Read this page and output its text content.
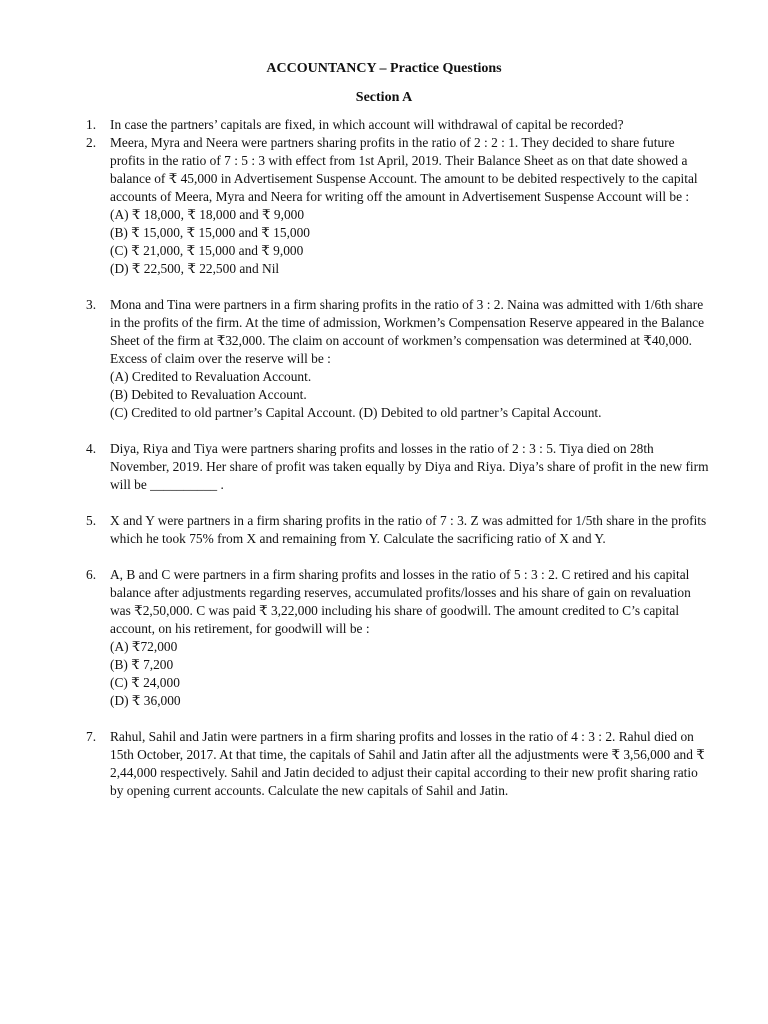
ACCOUNTANCY – Practice Questions
Section A
1.	In case the partners’ capitals are fixed, in which account will withdrawal of capital be recorded?
2.	Meera, Myra and Neera were partners sharing profits in the ratio of 2 : 2 : 1. They decided to share future profits in the ratio of 7 : 5 : 3 with effect from 1st April, 2019. Their Balance Sheet as on that date showed a balance of ₹ 45,000 in Advertisement Suspense Account. The amount to be debited respectively to the capital accounts of Meera, Myra and Neera for writing off the amount in Advertisement Suspense Account will be :
(A) ₹ 18,000, ₹ 18,000 and ₹ 9,000
(B) ₹ 15,000, ₹ 15,000 and ₹ 15,000
(C) ₹ 21,000, ₹ 15,000 and ₹ 9,000
(D) ₹ 22,500, ₹ 22,500 and Nil
3.	Mona and Tina were partners in a firm sharing profits in the ratio of 3 : 2. Naina was admitted with 1/6th share in the profits of the firm. At the time of admission, Workmen’s Compensation Reserve appeared in the Balance Sheet of the firm at ₹32,000. The claim on account of workmen’s compensation was determined at ₹40,000. Excess of claim over the reserve will be :
(A) Credited to Revaluation Account.
(B) Debited to Revaluation Account.
(C) Credited to old partner’s Capital Account. (D) Debited to old partner’s Capital Account.
4.	Diya, Riya and Tiya were partners sharing profits and losses in the ratio of 2 : 3 : 5. Tiya died on 28th November, 2019. Her share of profit was taken equally by Diya and Riya. Diya’s share of profit in the new firm will be __________ .
5.	X and Y were partners in a firm sharing profits in the ratio of 7 : 3. Z was admitted for 1/5th share in the profits which he took 75% from X and remaining from Y. Calculate the sacrificing ratio of X and Y.
6.	A, B and C were partners in a firm sharing profits and losses in the ratio of 5 : 3 : 2. C retired and his capital balance after adjustments regarding reserves, accumulated profits/losses and his share of gain on revaluation was ₹2,50,000. C was paid ₹ 3,22,000 including his share of goodwill. The amount credited to C’s capital account, on his retirement, for goodwill will be :
(A) ₹72,000
(B) ₹ 7,200
(C) ₹ 24,000
(D) ₹ 36,000
7.	Rahul, Sahil and Jatin were partners in a firm sharing profits and losses in the ratio of 4 : 3 : 2. Rahul died on 15th October, 2017. At that time, the capitals of Sahil and Jatin after all the adjustments were ₹ 3,56,000 and ₹ 2,44,000 respectively. Sahil and Jatin decided to adjust their capital according to their new profit sharing ratio by opening current accounts. Calculate the new capitals of Sahil and Jatin.
